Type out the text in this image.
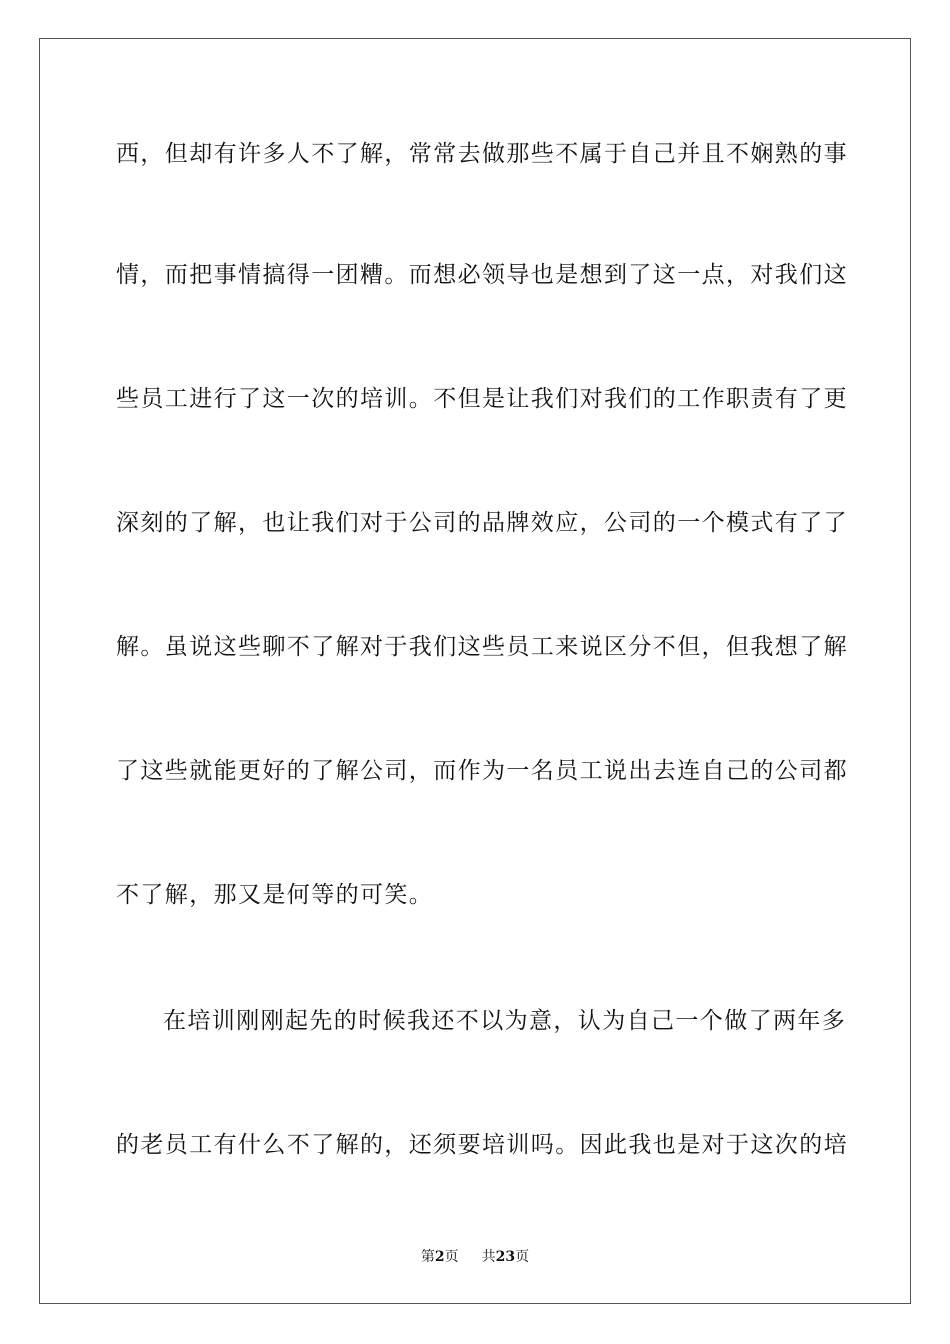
西，但却有许多人不了解，常常去做那些不属于自己并且不娴熟的事
情，而把事情搞得一团糟。而想必领导也是想到了这一点，对我们这
些员工进行了这一次的培训。不但是让我们对我们的工作职责有了更
深刻的了解，也让我们对于公司的品牌效应，公司的一个模式有了了
解。虽说这些聊不了解对于我们这些员工来说区分不但，但我想了解
了这些就能更好的了解公司，而作为一名员工说出去连自己的公司都
不了解，那又是何等的可笑。
在培训刚刚起先的时候我还不以为意，认为自己一个做了两年多
的老员工有什么不了解的，还须要培训吗。因此我也是对于这次的培
第2页 共23页
